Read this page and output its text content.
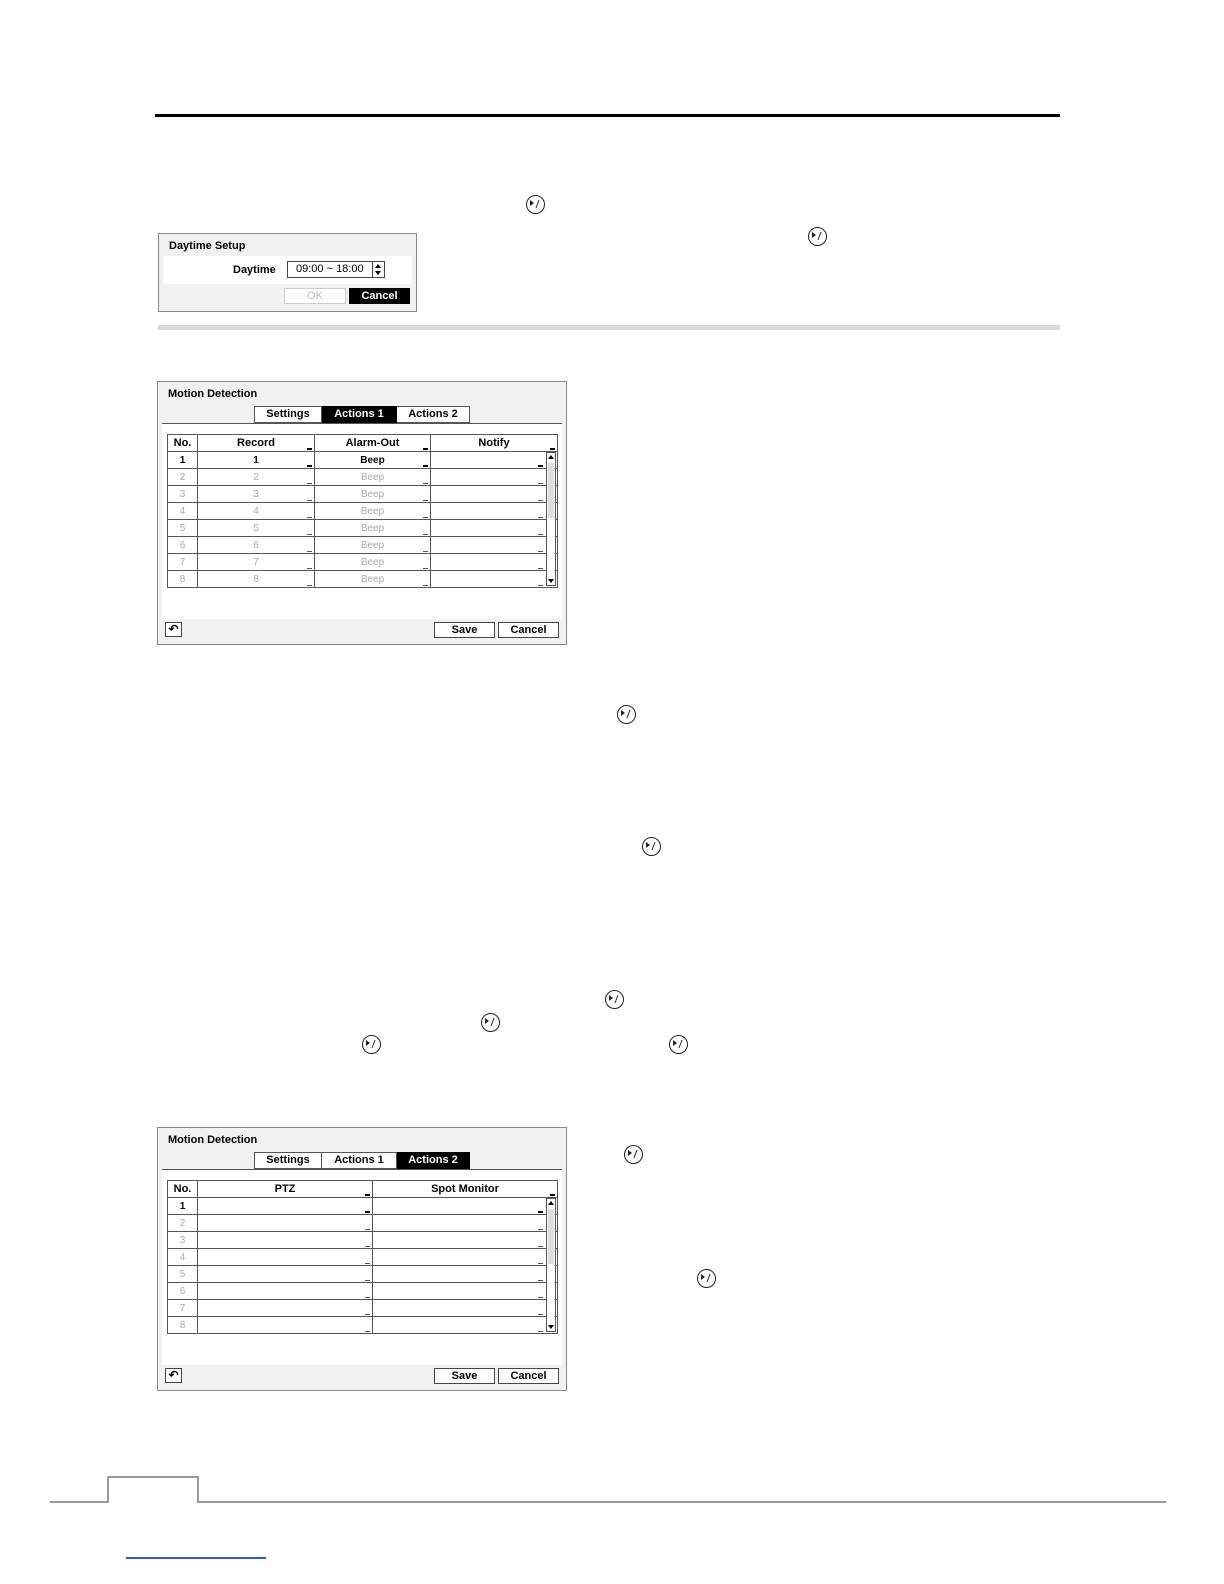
Daytime Setup
Daytime	09:00 ~ 18:00
OK	Cancel
Motion Detection
Settings	Actions 1	Actions 2
No.	Record	Alarm-Out	Notify

1	1	Beep

2	2	Beep

3	3	Beep

4	4	Beep

5	5	Beep

6	6	Beep

7	7	Beep

8	8	Beep

↶	Save	Cancel
Motion Detection
Settings	Actions 1	Actions 2
No.	PTZ	Spot Monitor

1	

2	

3	

4	

5	

6	

7	

8	

↶	Save	Cancel
